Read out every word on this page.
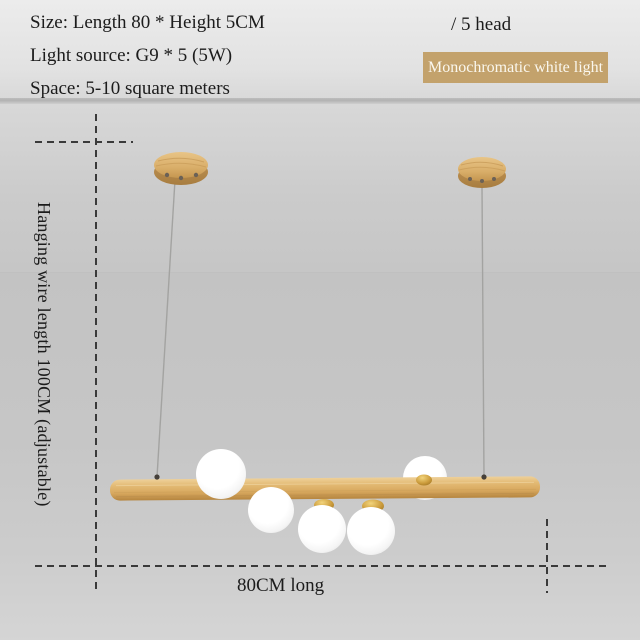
Size: Length 80 * Height 5CM
Light source: G9 * 5 (5W)
Space: 5-10 square meters
/ 5 head
Monochromatic white light
Hanging wire length 100CM (adjustable)
80CM long
